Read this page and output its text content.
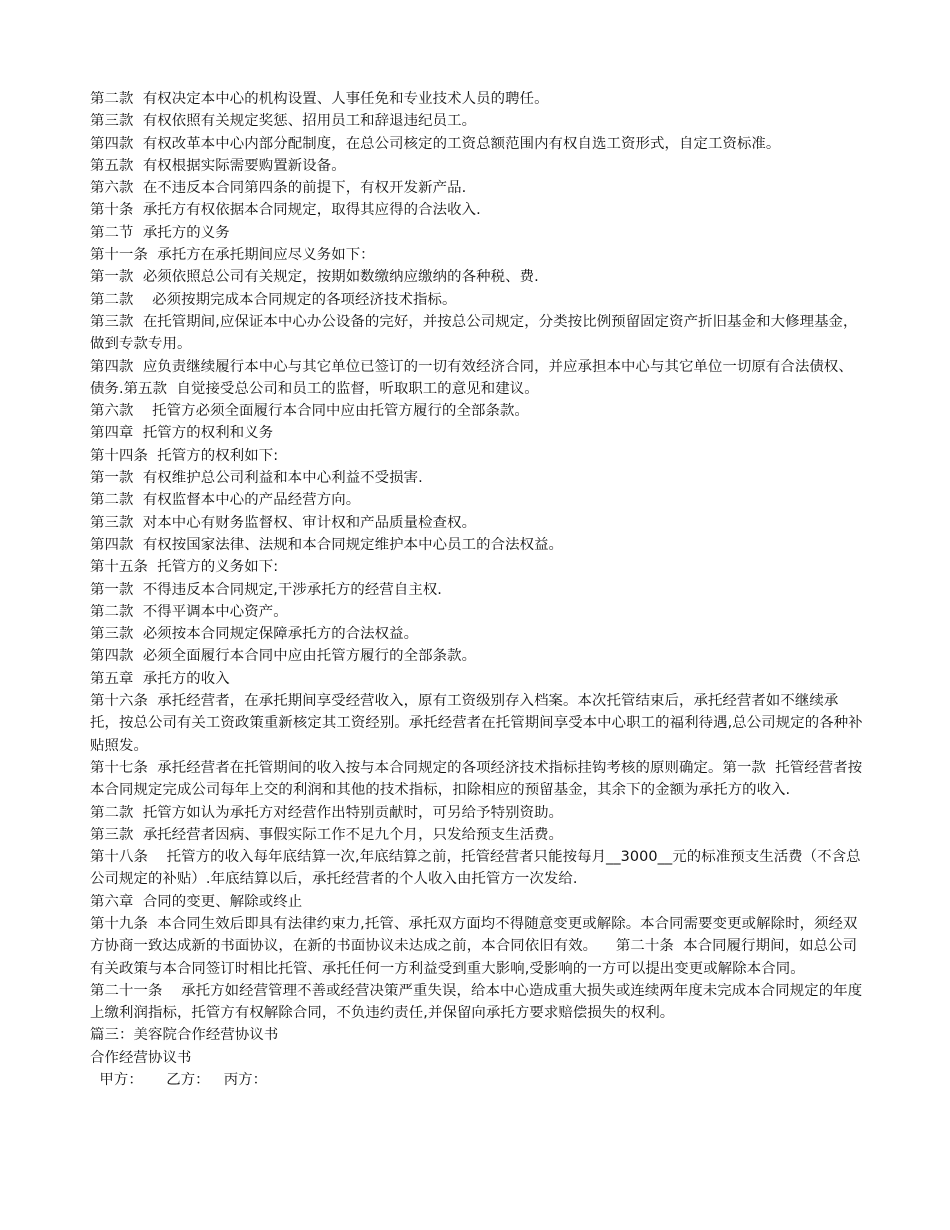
第二款  有权决定本中心的机构设置、人事任免和专业技术人员的聘任。

第三款  有权依照有关规定奖惩、招用员工和辞退违纪员工。

第四款  有权改革本中心内部分配制度，在总公司核定的工资总额范围内有权自选工资形式，自定工资标准。

第五款  有权根据实际需要购置新设备。

第六款  在不违反本合同第四条的前提下，有权开发新产品.

第十条  承托方有权依据本合同规定，取得其应得的合法收入.

第二节  承托方的义务

第十一条  承托方在承托期间应尽义务如下：

第一款  必须依照总公司有关规定，按期如数缴纳应缴纳的各种税、费.

第二款    必须按期完成本合同规定的各项经济技术指标。

第三款  在托管期间,应保证本中心办公设备的完好，并按总公司规定，分类按比例预留固定资产折旧基金和大修理基金，做到专款专用。

第四款  应负责继续履行本中心与其它单位已签订的一切有效经济合同，并应承担本中心与其它单位一切原有合法债权、债务.第五款  自觉接受总公司和员工的监督，听取职工的意见和建议。

第六款    托管方必须全面履行本合同中应由托管方履行的全部条款。

第四章  托管方的权利和义务

第十四条  托管方的权利如下:

第一款  有权维护总公司利益和本中心利益不受损害.

第二款  有权监督本中心的产品经营方向。

第三款  对本中心有财务监督权、审计权和产品质量检查权。

第四款  有权按国家法律、法规和本合同规定维护本中心员工的合法权益。

第十五条  托管方的义务如下:

第一款  不得违反本合同规定,干涉承托方的经营自主权.

第二款  不得平调本中心资产。

第三款  必须按本合同规定保障承托方的合法权益。

第四款  必须全面履行本合同中应由托管方履行的全部条款。

第五章  承托方的收入

第十六条  承托经营者，在承托期间享受经营收入，原有工资级别存入档案。本次托管结束后，承托经营者如不继续承托，按总公司有关工资政策重新核定其工资经别。承托经营者在托管期间享受本中心职工的福利待遇,总公司规定的各种补贴照发。

第十七条  承托经营者在托管期间的收入按与本合同规定的各项经济技术指标挂钩考核的原则确定。第一款  托管经营者按本合同规定完成公司每年上交的利润和其他的技术指标，扣除相应的预留基金，其余下的金额为承托方的收入.

第二款  托管方如认为承托方对经营作出特别贡献时，可另给予特别资助。

第三款  承托经营者因病、事假实际工作不足九个月，只发给预支生活费。

第十八条    托管方的收入每年底结算一次,年底结算之前，托管经营者只能按每月__3000__元的标准预支生活费（不含总公司规定的补贴）.年底结算以后，承托经营者的个人收入由托管方一次发给.

第六章  合同的变更、解除或终止

第十九条  本合同生效后即具有法律约束力,托管、承托双方面均不得随意变更或解除。本合同需要变更或解除时，须经双方协商一致达成新的书面协议，在新的书面协议未达成之前，本合同依旧有效。    第二十条  本合同履行期间，如总公司有关政策与本合同签订时相比托管、承托任何一方利益受到重大影响,受影响的一方可以提出变更或解除本合同。

第二十一条    承托方如经营管理不善或经营决策严重失误，给本中心造成重大损失或连续两年度未完成本合同规定的年度上缴利润指标，托管方有权解除合同，不负违约责任,并保留向承托方要求赔偿损失的权利。

篇三：美容院合作经营协议书

合作经营协议书

甲方：     乙方：   丙方：
